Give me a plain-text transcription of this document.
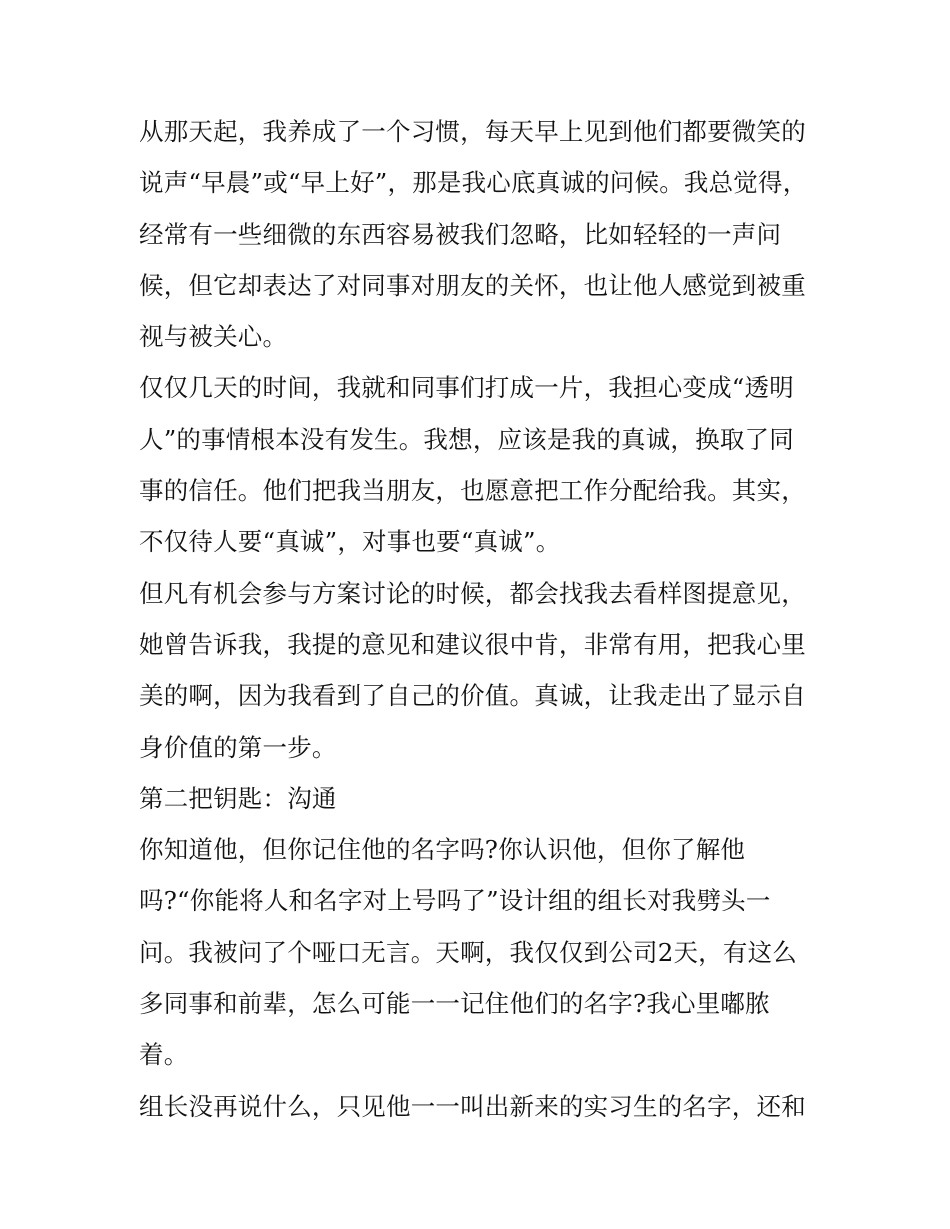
从那天起，我养成了一个习惯，每天早上见到他们都要微笑的
说声“早晨”或“早上好”，那是我心底真诚的问候。我总觉得，
经常有一些细微的东西容易被我们忽略，比如轻轻的一声问
候，但它却表达了对同事对朋友的关怀，也让他人感觉到被重
视与被关心。
仅仅几天的时间，我就和同事们打成一片，我担心变成“透明
人”的事情根本没有发生。我想，应该是我的真诚，换取了同
事的信任。他们把我当朋友，也愿意把工作分配给我。其实，
不仅待人要“真诚”，对事也要“真诚”。
但凡有机会参与方案讨论的时候，都会找我去看样图提意见，
她曾告诉我，我提的意见和建议很中肯，非常有用，把我心里
美的啊，因为我看到了自己的价值。真诚，让我走出了显示自
身价值的第一步。
第二把钥匙：沟通
你知道他，但你记住他的名字吗?你认识他，但你了解他
吗?“你能将人和名字对上号吗了”设计组的组长对我劈头一
问。我被问了个哑口无言。天啊，我仅仅到公司2天，有这么
多同事和前辈，怎么可能一一记住他们的名字?我心里嘟脓
着。
组长没再说什么，只见他一一叫出新来的实习生的名字，还和
